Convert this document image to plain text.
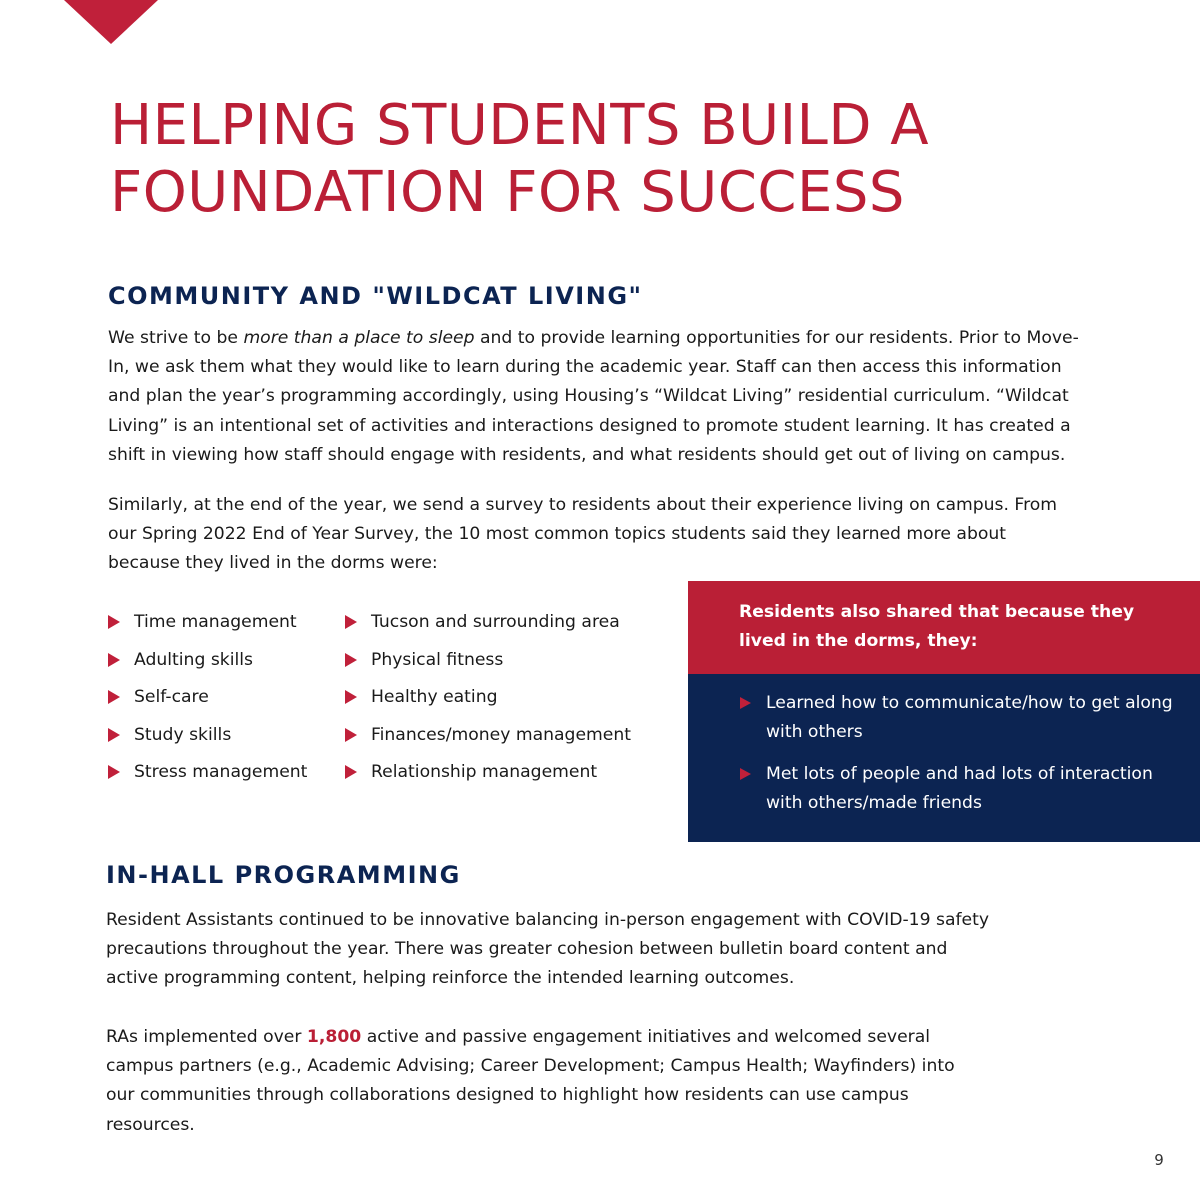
HELPING STUDENTS BUILD A
FOUNDATION FOR SUCCESS
COMMUNITY AND "WILDCAT LIVING"

We strive to be more than a place to sleep and to provide learning opportunities for our residents. Prior to Move-In, we ask them what they would like to learn during the academic year. Staff can then access this information and plan the year’s programming accordingly, using Housing’s “Wildcat Living” residential curriculum. “Wildcat Living” is an intentional set of activities and interactions designed to promote student learning. It has created a shift in viewing how staff should engage with residents, and what residents should get out of living on campus.

Similarly, at the end of the year, we send a survey to residents about their experience living on campus. From our Spring 2022 End of Year Survey, the 10 most common topics students said they learned more about because they lived in the dorms were:

Time management
Adulting skills
Self-care
Study skills
Stress management
Tucson and surrounding area
Physical fitness
Healthy eating
Finances/money management
Relationship management

Residents also shared that because they lived in the dorms, they:

Learned how to communicate/how to get along with others
Met lots of people and had lots of interaction with others/made friends
IN-HALL PROGRAMMING

Resident Assistants continued to be innovative balancing in-person engagement with COVID-19 safety precautions throughout the year. There was greater cohesion between bulletin board content and active programming content, helping reinforce the intended learning outcomes.

RAs implemented over 1,800 active and passive engagement initiatives and welcomed several campus partners (e.g., Academic Advising; Career Development; Campus Health; Wayfinders) into our communities through collaborations designed to highlight how residents can use campus resources.

9
